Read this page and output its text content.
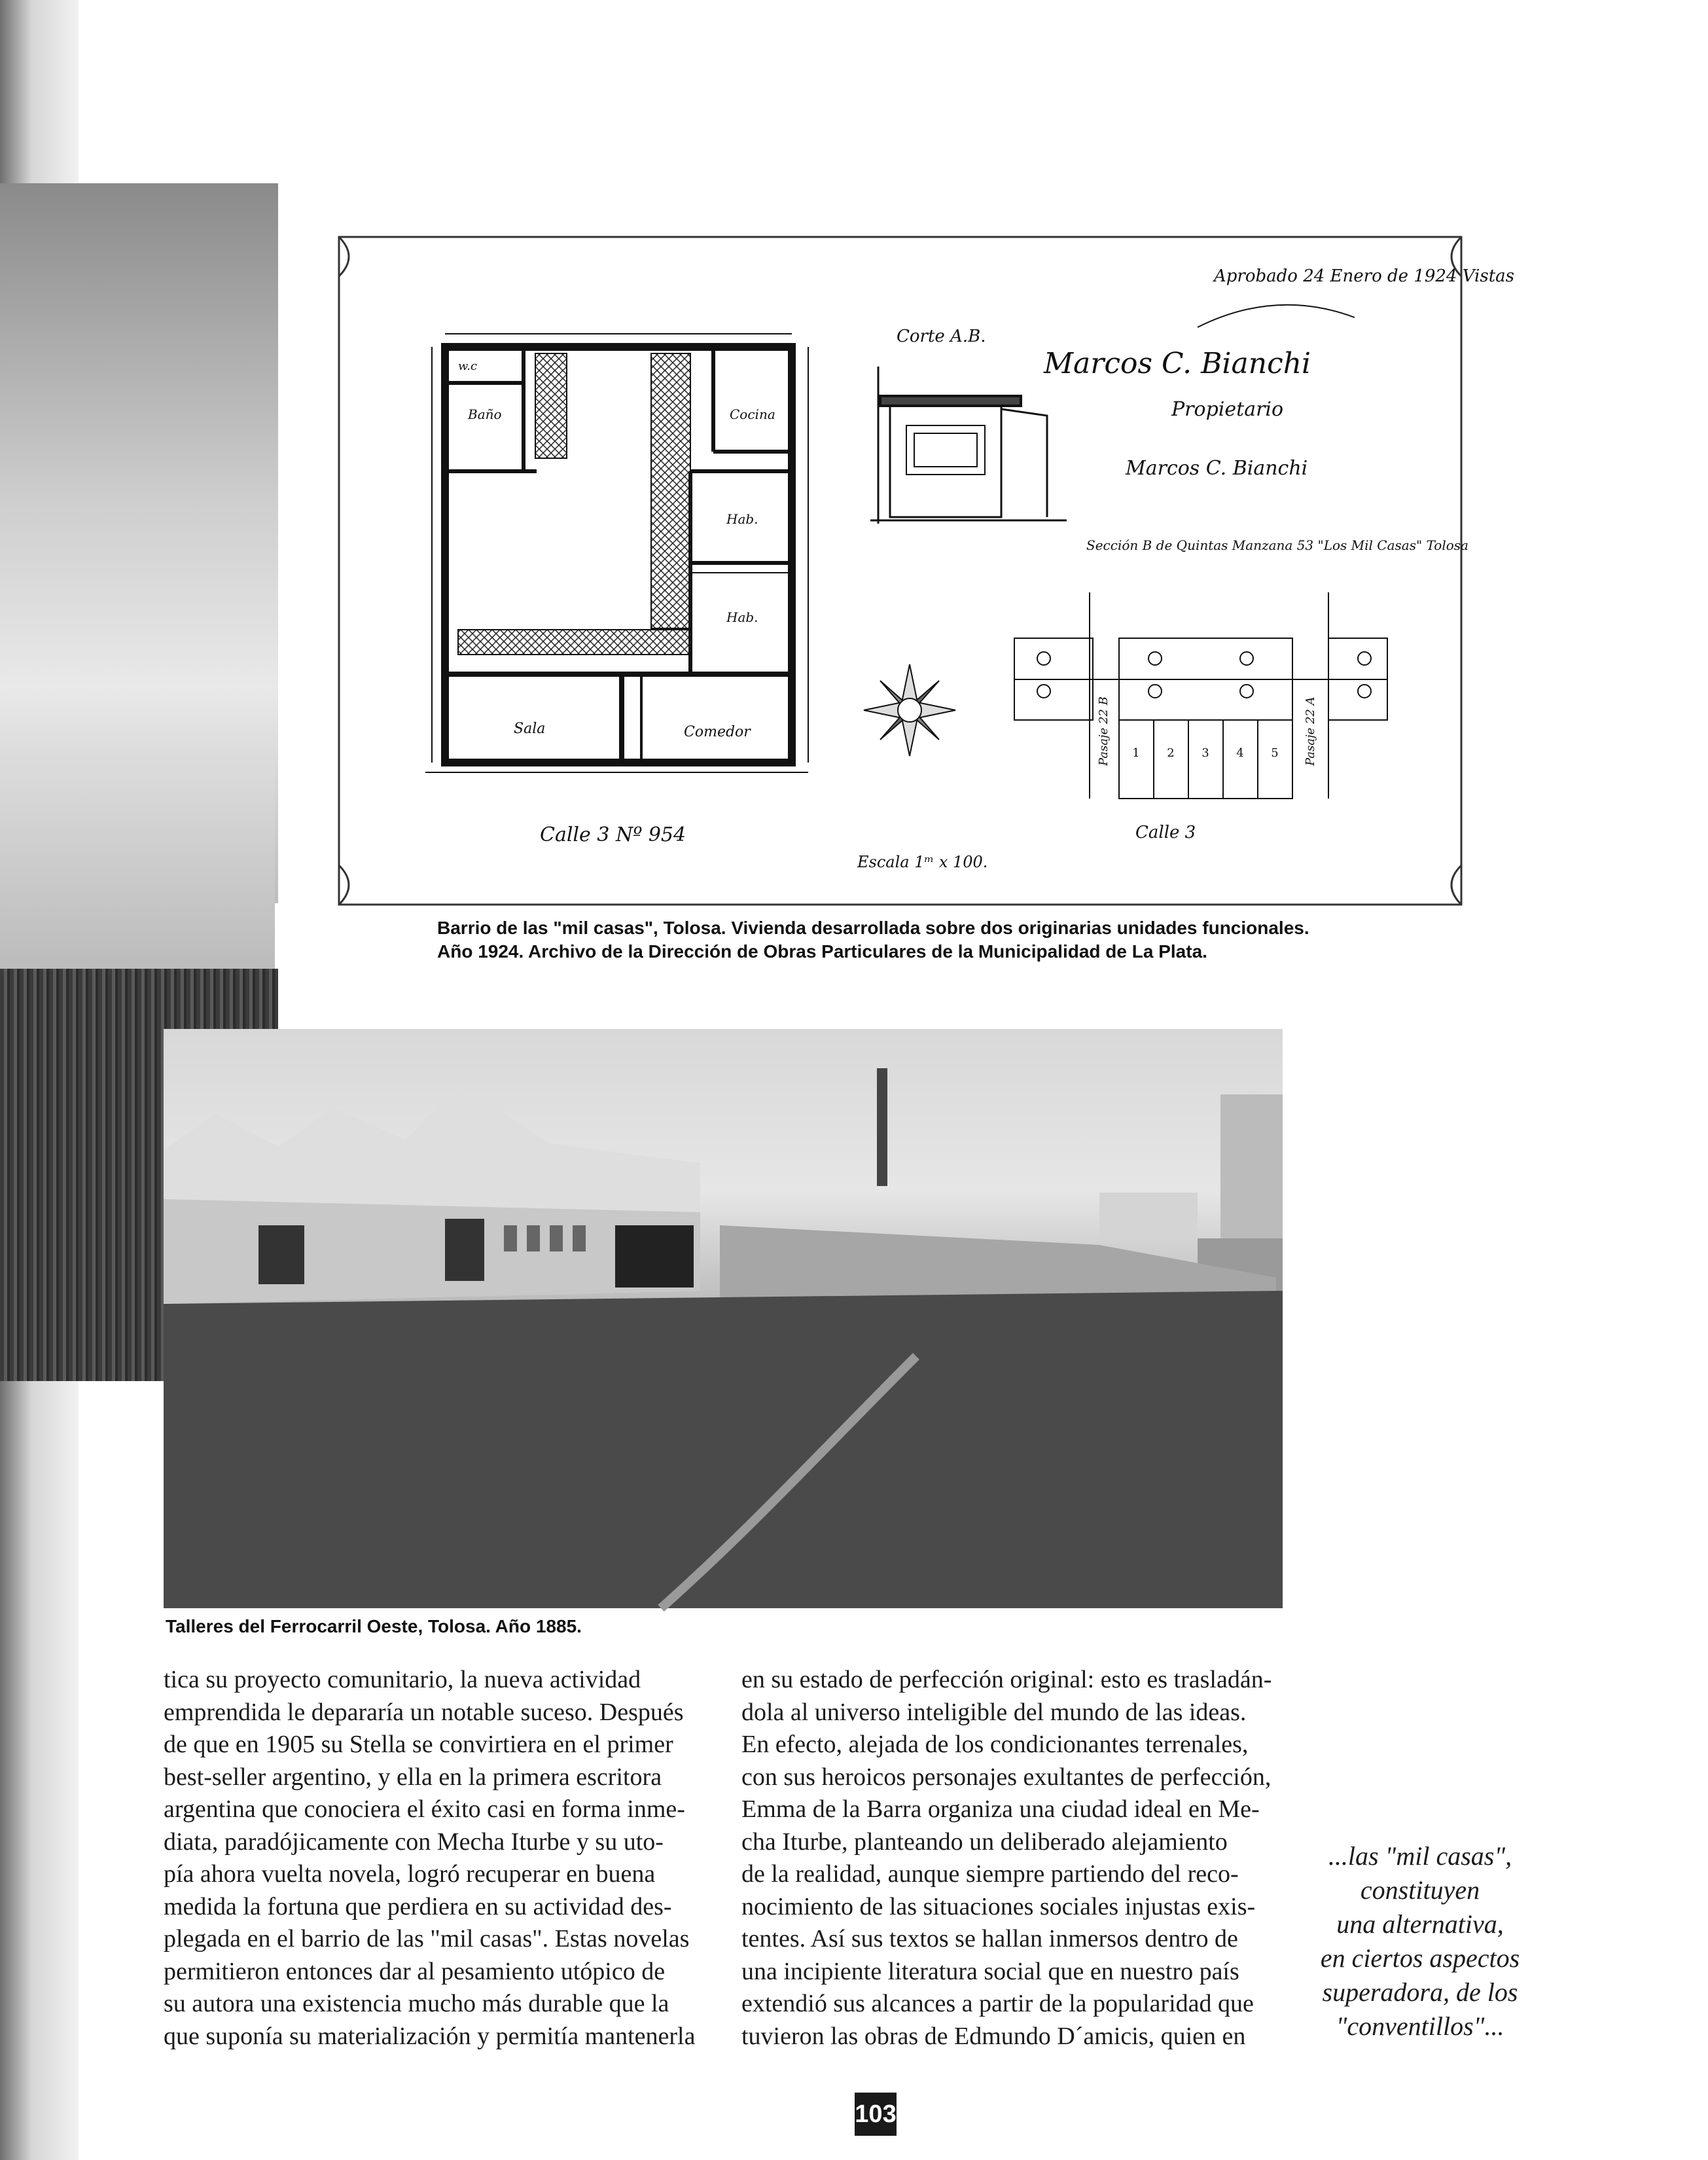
w.c
Baño	Cocina
Hab.
Hab.
Sala	Comedor
Calle 3 Nº 954
Corte A.B.
Marcos C. Bianchi
Propietario
Marcos C. Bianchi
Aprobado 24 Enero de 1924 Vistas
Sección B de Quintas Manzana 53 "Los Mil Casas" Tolosa
Calle 3
Escala 1ᵐ x 100.
1 2 3 4 5
Pasaje 22 B	Pasaje 22 A
Barrio de las "mil casas", Tolosa. Vivienda desarrollada sobre dos originarias unidades funcionales.
Año 1924. Archivo de la Dirección de Obras Particulares de la Municipalidad de La Plata.
Talleres del Ferrocarril Oeste, Tolosa. Año 1885.

tica su proyecto comunitario, la nueva actividad

emprendida le depararía un notable suceso. Después

de que en 1905 su Stella se convirtiera en el primer

best-seller argentino, y ella en la primera escritora

argentina que conociera el éxito casi en forma inme-

diata, paradójicamente con Mecha Iturbe y su uto-

pía ahora vuelta novela, logró recuperar en buena

medida la fortuna que perdiera en su actividad des-

plegada en el barrio de las "mil casas". Estas novelas

permitieron entonces dar al pesamiento utópico de

su autora una existencia mucho más durable que la

que suponía su materialización y permitía mantenerla

en su estado de perfección original: esto es trasladán-

dola al universo inteligible del mundo de las ideas.

En efecto, alejada de los condicionantes terrenales,

con sus heroicos personajes exultantes de perfección,

Emma de la Barra organiza una ciudad ideal en Me-

cha Iturbe, planteando un deliberado alejamiento

de la realidad, aunque siempre partiendo del reco-

nocimiento de las situaciones sociales injustas exis-

tentes. Así sus textos se hallan inmersos dentro de

una incipiente literatura social que en nuestro país

extendió sus alcances a partir de la popularidad que

tuvieron las obras de Edmundo D´amicis, quien en

...las "mil casas",
constituyen
una alternativa,
en ciertos aspectos
superadora, de los
"conventillos"...
103
